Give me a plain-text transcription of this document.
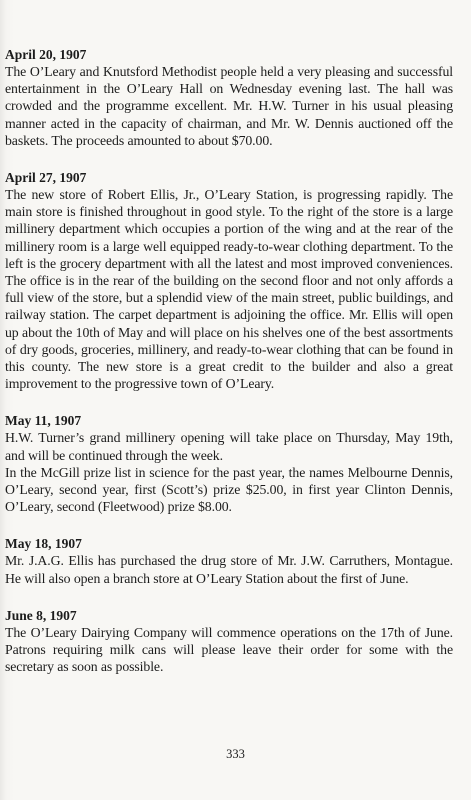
April 20, 1907

The O’Leary and Knutsford Methodist people held a very pleasing and successful entertainment in the O’Leary Hall on Wednesday evening last. The hall was crowded and the programme excellent. Mr. H.W. Turner in his usual pleasing manner acted in the capacity of chairman, and Mr. W. Dennis auctioned off the baskets. The proceeds amounted to about $70.00.

April 27, 1907

The new store of Robert Ellis, Jr., O’Leary Station, is progressing rapidly. The main store is finished throughout in good style. To the right of the store is a large millinery department which occupies a portion of the wing and at the rear of the millinery room is a large well equipped ready-to-wear clothing department. To the left is the grocery department with all the latest and most improved conveniences. The office is in the rear of the building on the second floor and not only affords a full view of the store, but a splendid view of the main street, public buildings, and railway station. The carpet department is adjoining the office. Mr. Ellis will open up about the 10th of May and will place on his shelves one of the best assortments of dry goods, groceries, millinery, and ready-to-wear clothing that can be found in this county. The new store is a great credit to the builder and also a great improvement to the progressive town of O’Leary.

May 11, 1907

H.W. Turner’s grand millinery opening will take place on Thursday, May 19th, and will be continued through the week.

In the McGill prize list in science for the past year, the names Melbourne Dennis, O’Leary, second year, first (Scott’s) prize $25.00, in first year Clinton Dennis, O’Leary, second (Fleetwood) prize $8.00.

May 18, 1907

Mr. J.A.G. Ellis has purchased the drug store of Mr. J.W. Carruthers, Montague. He will also open a branch store at O’Leary Station about the first of June.

June 8, 1907

The O’Leary Dairying Company will commence operations on the 17th of June. Patrons requiring milk cans will please leave their order for some with the secretary as soon as possible.

333
